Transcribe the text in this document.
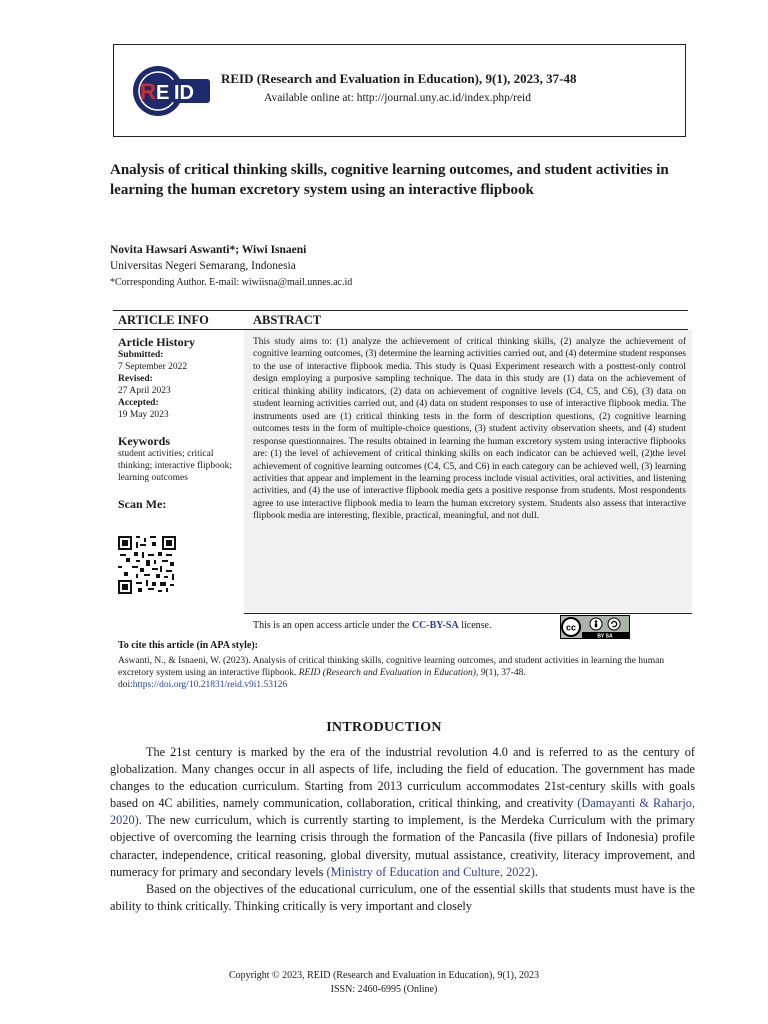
R E ID
REID (Research and Evaluation in Education), 9(1), 2023, 37-48
Available online at: http://journal.uny.ac.id/index.php/reid
Analysis of critical thinking skills, cognitive learning outcomes, and student activities in learning the human excretory system using an interactive flipbook
Novita Hawsari Aswanti*; Wiwi Isnaeni
Universitas Negeri Semarang, Indonesia
*Corresponding Author. E-mail: wiwiisna@mail.unnes.ac.id
ARTICLE INFO	ABSTRACT
Article History
Submitted:
7 September 2022
Revised:
27 April 2023
Accepted:
19 May 2023
Keywords
student activities; critical thinking; interactive flipbook; learning outcomes
Scan Me:
This study aims to: (1) analyze the achievement of critical thinking skills, (2) analyze the achievement of cognitive learning outcomes, (3) determine the learning activities carried out, and (4) determine student responses to the use of interactive flipbook media. This study is Quasi Experiment research with a posttest-only control design employing a purposive sampling technique. The data in this study are (1) data on the achievement of critical thinking ability indicators, (2) data on achievement of cognitive levels (C4, C5, and C6), (3) data on student learning activities carried out, and (4) data on student responses to use of interactive flipbook media. The instruments used are (1) critical thinking tests in the form of description questions, (2) cognitive learning outcomes tests in the form of multiple-choice questions, (3) student activity observation sheets, and (4) student response questionnaires. The results obtained in learning the human excretory system using interactive flipbooks are: (1) the level of achievement of critical thinking skills on each indicator can be achieved well, (2)the level achievement of cognitive learning outcomes (C4, C5, and C6) in each category can be achieved well, (3) learning activities that appear and implement in the learning process include visual activities, oral activities, and listening activities, and (4) the use of interactive flipbook media gets a positive response from students. Most respondents agree to use interactive flipbook media to learn the human excretory system. Students also assess that interactive flipbook media are interesting, flexible, practical, meaningful, and not dull.
This is an open access article under the CC-BY-SA license.	cc
BY SA
To cite this article (in APA style):
Aswanti, N., & Isnaeni, W. (2023). Analysis of critical thinking skills, cognitive learning outcomes, and student activities in learning the human excretory system using an interactive flipbook. REID (Research and Evaluation in Education), 9(1), 37-48. doi:https://doi.org/10.21831/reid.v9i1.53126
INTRODUCTION

The 21st century is marked by the era of the industrial revolution 4.0 and is referred to as the century of globalization. Many changes occur in all aspects of life, including the field of education. The government has made changes to the education curriculum. Starting from 2013 curriculum accommodates 21st-century skills with goals based on 4C abilities, namely communication, collaboration, critical thinking, and creativity (Damayanti & Raharjo, 2020). The new curriculum, which is currently starting to implement, is the Merdeka Curriculum with the primary objective of overcoming the learning crisis through the formation of the Pancasila (five pillars of Indonesia) profile character, independence, critical reasoning, global diversity, mutual assistance, creativity, literacy improvement, and numeracy for primary and secondary levels (Ministry of Education and Culture, 2022).

Based on the objectives of the educational curriculum, one of the essential skills that students must have is the ability to think critically. Thinking critically is very important and closely

Copyright © 2023, REID (Research and Evaluation in Education), 9(1), 2023
ISSN: 2460-6995 (Online)
